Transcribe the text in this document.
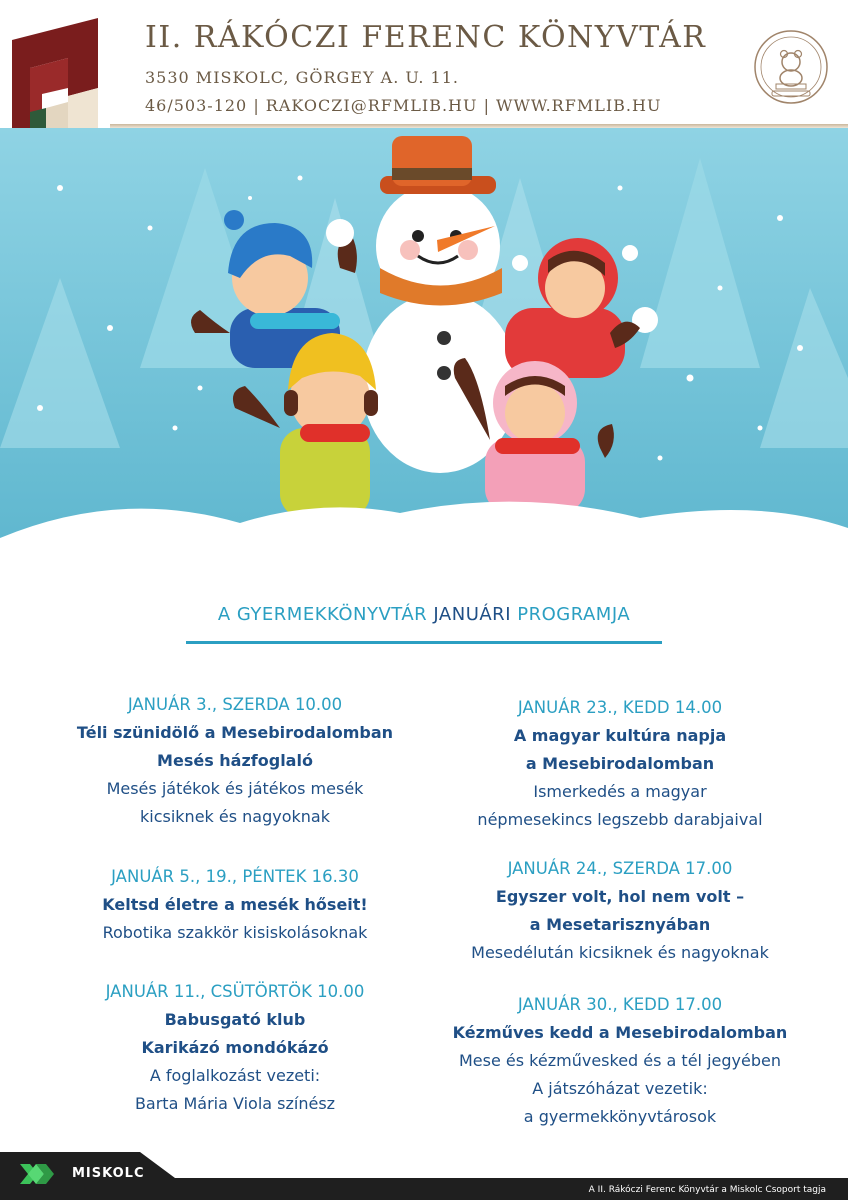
II. RÁKÓCZI FERENC KÖNYVTÁR
3530 MISKOLC, GÖRGEY A. U. 11.
46/503-120 | RAKOCZI@RFMLIB.HU | WWW.RFMLIB.HU
A GYERMEKKÖNYVTÁR JANUÁRI PROGRAMJA
JANUÁR 3., SZERDA 10.00
Téli szünidölő a Mesebirodalomban
Mesés házfoglaló
Mesés játékok és játékos mesék
kicsiknek és nagyoknak
JANUÁR 5., 19., PÉNTEK 16.30
Keltsd életre a mesék hőseit!
Robotika szakkör kisiskolásoknak
JANUÁR 11., CSÜTÖRTÖK 10.00
Babusgató klub
Karikázó mondókázó
A foglalkozást vezeti:
Barta Mária Viola színész
JANUÁR 23., KEDD 14.00
A magyar kultúra napja
a Mesebirodalomban
Ismerkedés a magyar
népmesekincs legszebb darabjaival
JANUÁR 24., SZERDA 17.00
Egyszer volt, hol nem volt –
a Mesetarisznyában
Mesedélután kicsiknek és nagyoknak
JANUÁR 30., KEDD 17.00
Kézműves kedd a Mesebirodalomban
Mese és kézművesked és a tél jegyében
A játszóházat vezetik:
a gyermekkönyvtárosok
MISKOLC
A II. Rákóczi Ferenc Könyvtár a Miskolc Csoport tagja
